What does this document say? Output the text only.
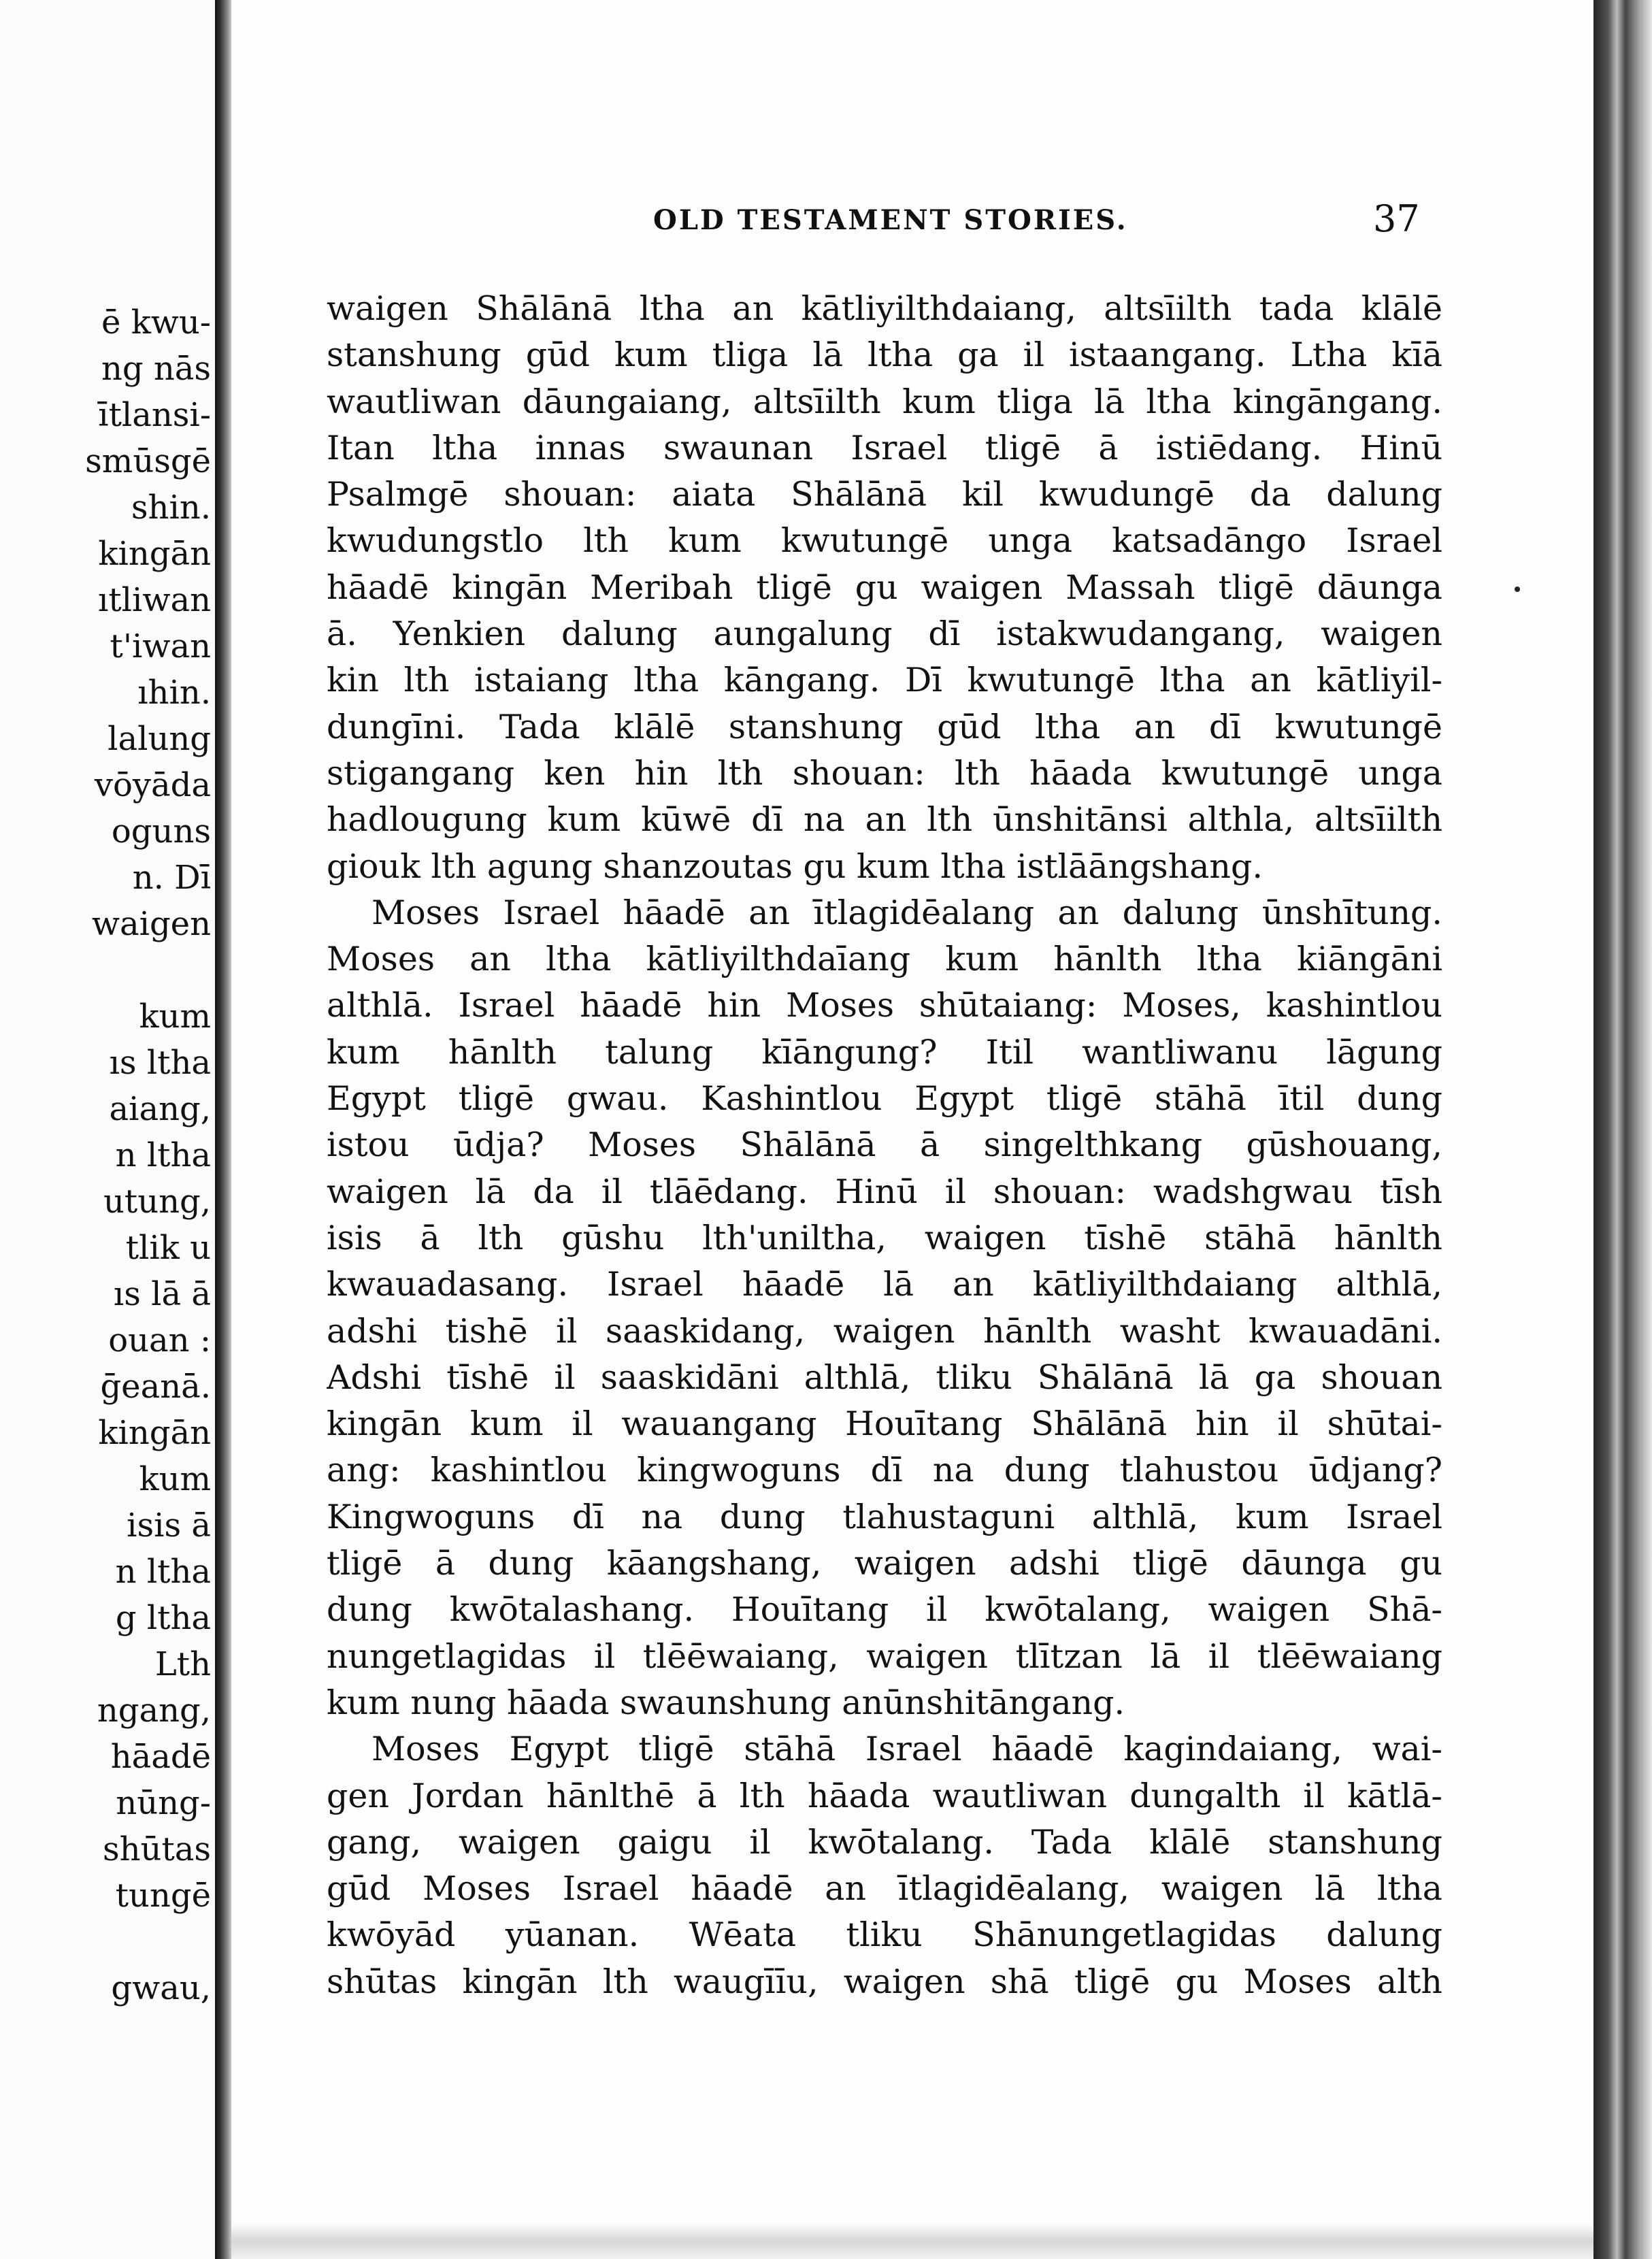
ē kwu-
ng nās
ītlansi-
smūsgē
shin.
kingān
ıtliwan
t'iwan
ıhin.
lalung
vōyāda
oguns
n. Dī
waigen
kum
ıs ltha
aiang,
n ltha
utung,
tlik u
ıs lā ā
ouan :
ḡeanā.
kingān
kum
isis ā
n ltha
g ltha
Lth
ngang,
hāadē
nūng-
shūtas
tungē
gwau,
OLD TESTAMENT STORIES.	37
waigen Shālānā ltha an kātliyilthdaiang, altsīilth tada klālē
stanshung gūd kum tliga lā ltha ga il istaangang. Ltha kīā
wautliwan dāungaiang, altsīilth kum tliga lā ltha kingāngang.
Itan ltha innas swaunan Israel tligē ā istiēdang. Hinū
Psalmgē shouan: aiata Shālānā kil kwudungē da dalung
kwudungstlo lth kum kwutungē unga katsadāngo Israel
hāadē kingān Meribah tligē gu waigen Massah tligē dāunga
ā. Yenkien dalung aungalung dī istakwudangang, waigen
kin lth istaiang ltha kāngang. Dī kwutungē ltha an kātliyil-
dungīni. Tada klālē stanshung gūd ltha an dī kwutungē
stigangang ken hin lth shouan: lth hāada kwutungē unga
hadlougung kum kūwē dī na an lth ūnshitānsi althla, altsīilth
giouk lth agung shanzoutas gu kum ltha istlāāngshang.
Moses Israel hāadē an ītlagidēalang an dalung ūnshītung.
Moses an ltha kātliyilthdaīang kum hānlth ltha kiāngāni
althlā. Israel hāadē hin Moses shūtaiang: Moses, kashintlou
kum hānlth talung kīāngung? Itil wantliwanu lāgung
Egypt tligē gwau. Kashintlou Egypt tligē stāhā ītil dung
istou ūdja? Moses Shālānā ā singelthkang gūshouang,
waigen lā da il tlāēdang. Hinū il shouan: wadshgwau tīsh
isis ā lth gūshu lth'uniltha, waigen tīshē stāhā hānlth
kwauadasang. Israel hāadē lā an kātliyilthdaiang althlā,
adshi tishē il saaskidang, waigen hānlth washt kwauadāni.
Adshi tīshē il saaskidāni althlā, tliku Shālānā lā ga shouan
kingān kum il wauangang Houītang Shālānā hin il shūtai-
ang: kashintlou kingwoguns dī na dung tlahustou ūdjang?
Kingwoguns dī na dung tlahustaguni althlā, kum Israel
tligē ā dung kāangshang, waigen adshi tligē dāunga gu
dung kwōtalashang. Houītang il kwōtalang, waigen Shā-
nungetlagidas il tlēēwaiang, waigen tlītzan lā il tlēēwaiang
kum nung hāada swaunshung anūnshitāngang.
Moses Egypt tligē stāhā Israel hāadē kagindaiang, wai-
gen Jordan hānlthē ā lth hāada wautliwan dungalth il kātlā-
gang, waigen gaigu il kwōtalang. Tada klālē stanshung
gūd Moses Israel hāadē an ītlagidēalang, waigen lā ltha
kwōyād yūanan. Wēata tliku Shānungetlagidas dalung
shūtas kingān lth waugīīu, waigen shā tligē gu Moses alth
